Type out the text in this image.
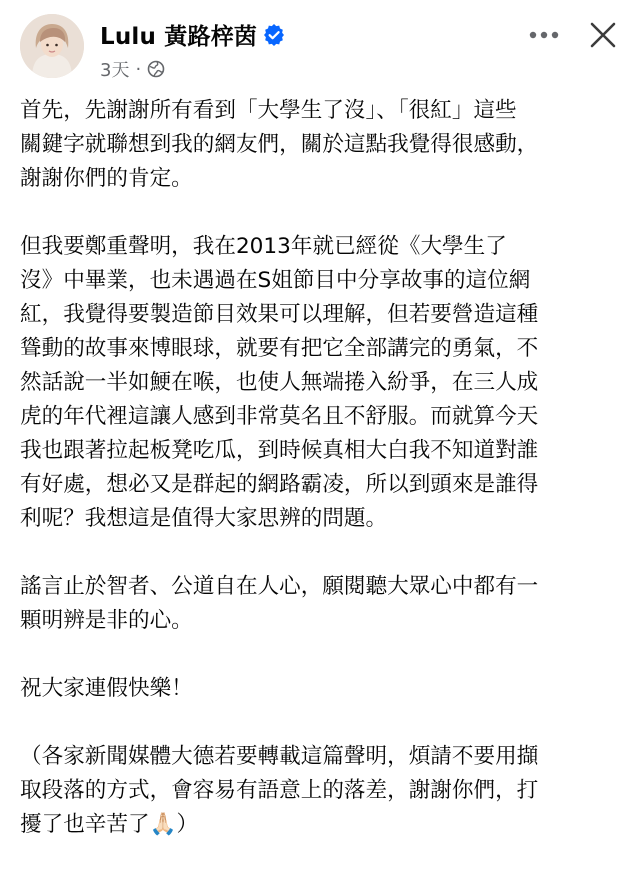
Lulu 黃路梓茵
3天 ·
首先，先謝謝所有看到「大學生了沒」、「很紅」這些
關鍵字就聯想到我的網友們，關於這點我覺得很感動，
謝謝你們的肯定。
但我要鄭重聲明，我在2013年就已經從《大學生了
沒》中畢業，也未遇過在S姐節目中分享故事的這位網
紅，我覺得要製造節目效果可以理解，但若要營造這種
聳動的故事來博眼球，就要有把它全部講完的勇氣，不
然話說一半如鯁在喉，也使人無端捲入紛爭，在三人成
虎的年代裡這讓人感到非常莫名且不舒服。而就算今天
我也跟著拉起板凳吃瓜，到時候真相大白我不知道對誰
有好處，想必又是群起的網路霸凌，所以到頭來是誰得
利呢？我想這是值得大家思辨的問題。
謠言止於智者、公道自在人心，願閱聽大眾心中都有一
顆明辨是非的心。
祝大家連假快樂！
（各家新聞媒體大德若要轉載這篇聲明，煩請不要用擷
取段落的方式，會容易有語意上的落差，謝謝你們，打
擾了也辛苦了🙏🏻）
